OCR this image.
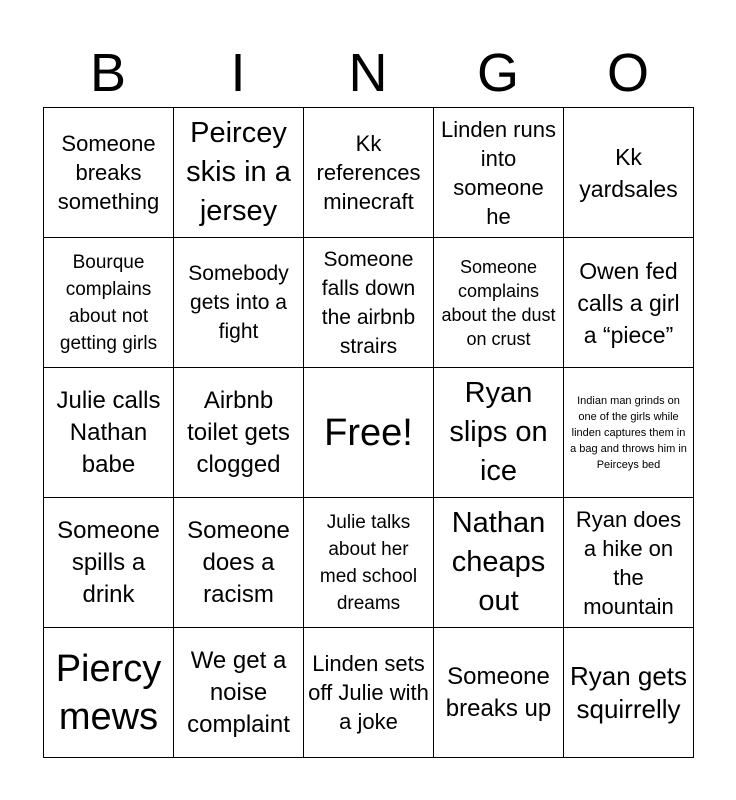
B	I	N	G	O
Someone breaks something
Peircey skis in a jersey
Kk references minecraft
Linden runs into someone he
Kk yardsales
Bourque complains about not getting girls
Somebody gets into a fight
Someone falls down the airbnb strairs
Someone complains about the dust on crust
Owen fed calls a girl a “piece”
Julie calls Nathan babe
Airbnb toilet gets clogged
Free!
Ryan slips on ice
Indian man grinds on one of the girls while linden captures them in a bag and throws him in Peirceys bed
Someone spills a drink
Someone does a racism
Julie talks about her med school dreams
Nathan cheaps out
Ryan does a hike on the mountain
Piercy mews
We get a noise complaint
Linden sets off Julie with a joke
Someone breaks up
Ryan gets squirrelly
